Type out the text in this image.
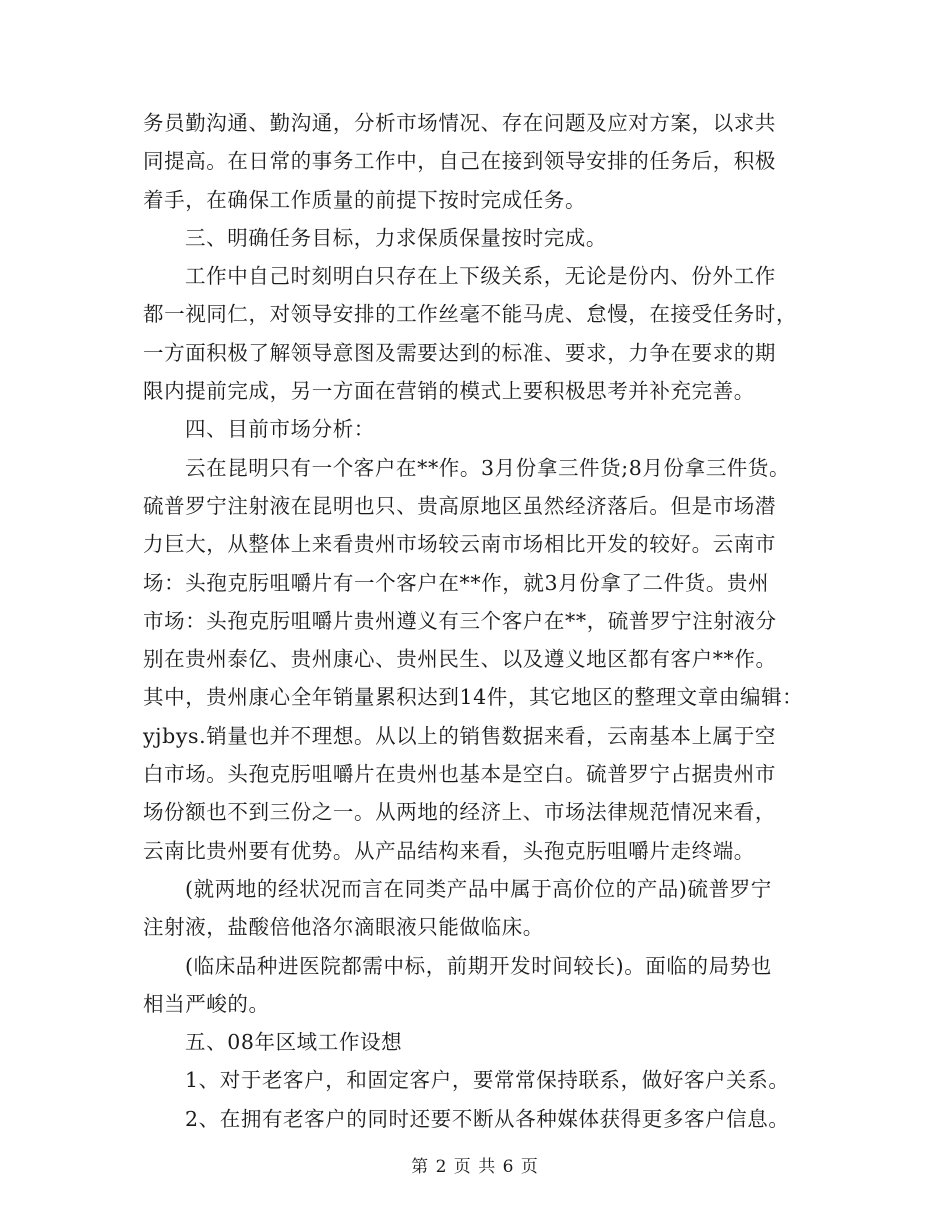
务员勤沟通、勤沟通，分析市场情况、存在问题及应对方案，以求共
同提高。在日常的事务工作中，自己在接到领导安排的任务后，积极
着手，在确保工作质量的前提下按时完成任务。
三、明确任务目标，力求保质保量按时完成。
工作中自己时刻明白只存在上下级关系，无论是份内、份外工作
都一视同仁，对领导安排的工作丝毫不能马虎、怠慢，在接受任务时，
一方面积极了解领导意图及需要达到的标准、要求，力争在要求的期
限内提前完成，另一方面在营销的模式上要积极思考并补充完善。
四、目前市场分析：
云在昆明只有一个客户在**作。3月份拿三件货;8月份拿三件货。
硫普罗宁注射液在昆明也只、贵高原地区虽然经济落后。但是市场潜
力巨大，从整体上来看贵州市场较云南市场相比开发的较好。云南市
场：头孢克肟咀嚼片有一个客户在**作，就3月份拿了二件货。贵州
市场：头孢克肟咀嚼片贵州遵义有三个客户在**，硫普罗宁注射液分
别在贵州泰亿、贵州康心、贵州民生、以及遵义地区都有客户**作。
其中，贵州康心全年销量累积达到14件，其它地区的整理文章由编辑：
yjbys.销量也并不理想。从以上的销售数据来看，云南基本上属于空
白市场。头孢克肟咀嚼片在贵州也基本是空白。硫普罗宁占据贵州市
场份额也不到三份之一。从两地的经济上、市场法律规范情况来看，
云南比贵州要有优势。从产品结构来看，头孢克肟咀嚼片走终端。
(就两地的经状况而言在同类产品中属于高价位的产品)硫普罗宁
注射液，盐酸倍他洛尔滴眼液只能做临床。
(临床品种进医院都需中标，前期开发时间较长)。面临的局势也
相当严峻的。
五、08年区域工作设想
1、对于老客户，和固定客户，要常常保持联系，做好客户关系。
2、在拥有老客户的同时还要不断从各种媒体获得更多客户信息。
第 2 页 共 6 页
